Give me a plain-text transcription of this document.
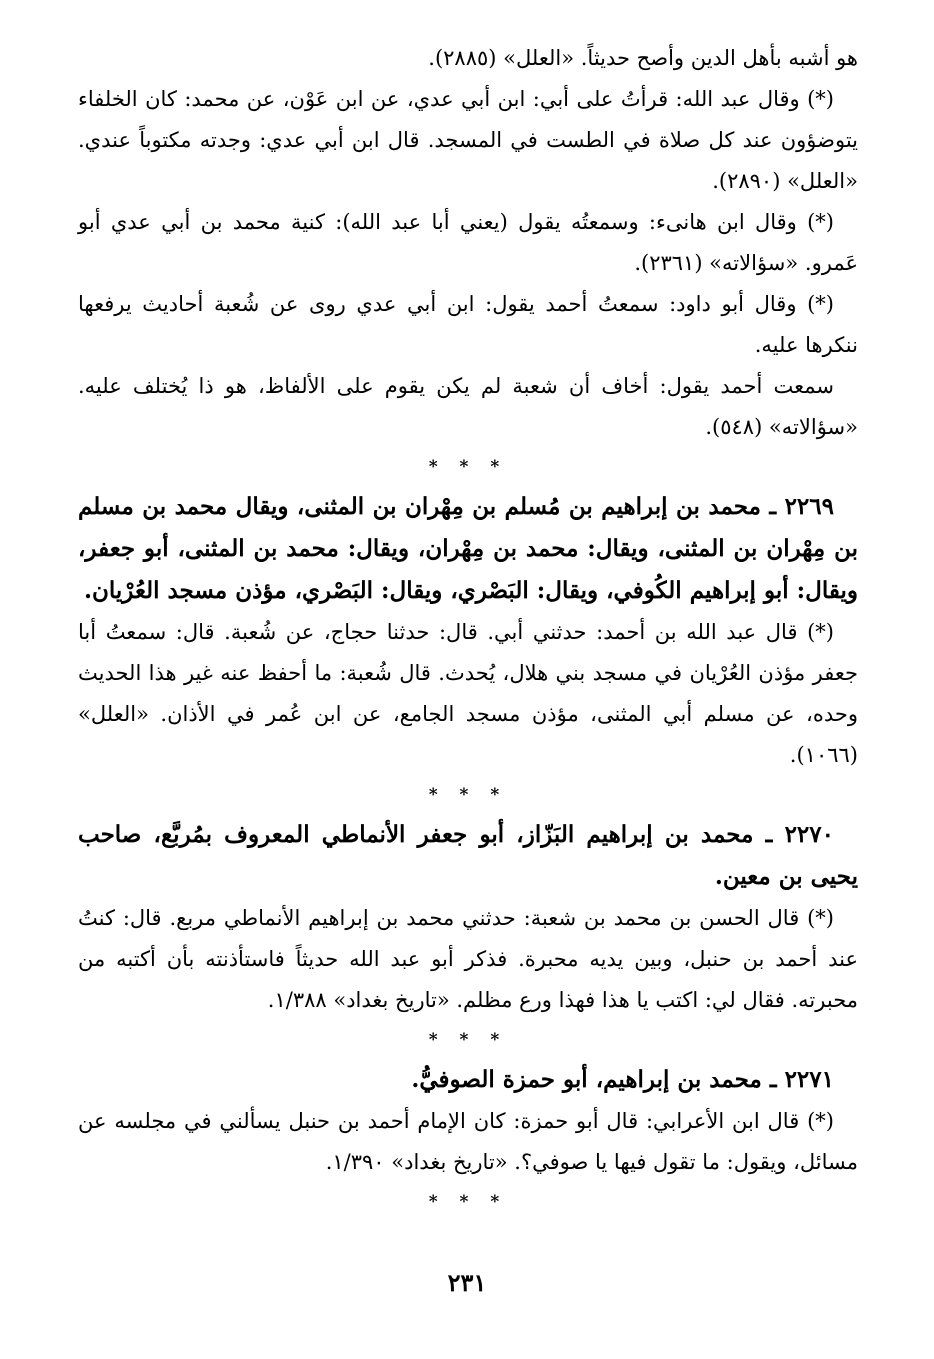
هو أشبه بأهل الدين وأصح حديثاً. «العلل» (٢٨٨٥).

(*) وقال عبد الله: قرأتُ على أبي: ابن أبي عدي، عن ابن عَوْن، عن محمد: كان الخلفاء يتوضؤون عند كل صلاة في الطست في المسجد. قال ابن أبي عدي: وجدته مكتوباً عندي. «العلل» (٢٨٩٠).

(*) وقال ابن هانىء: وسمعتُه يقول (يعني أبا عبد الله): كنية محمد بن أبي عدي أبو عَمرو. «سؤالاته» (٢٣٦١).

(*) وقال أبو داود: سمعتُ أحمد يقول: ابن أبي عدي روى عن شُعبة أحاديث يرفعها ننكرها عليه.

سمعت أحمد يقول: أخاف أن شعبة لم يكن يقوم على الألفاظ، هو ذا يُختلف عليه. «سؤالاته» (٥٤٨).

* * *

٢٢٦٩ ـ محمد بن إبراهيم بن مُسلم بن مِهْران بن المثنى، ويقال محمد بن مسلم بن مِهْران بن المثنى، ويقال: محمد بن مِهْران، ويقال: محمد بن المثنى، أبو جعفر، ويقال: أبو إبراهيم الكُوفي، ويقال: البَصْري، ويقال: البَصْري، مؤذن مسجد العُرْيان.

(*) قال عبد الله بن أحمد: حدثني أبي. قال: حدثنا حجاج، عن شُعبة. قال: سمعتُ أبا جعفر مؤذن العُرْيان في مسجد بني هلال، يُحدث. قال شُعبة: ما أحفظ عنه غير هذا الحديث وحده، عن مسلم أبي المثنى، مؤذن مسجد الجامع، عن ابن عُمر في الأذان. «العلل» (١٠٦٦).

* * *

٢٢٧٠ ـ محمد بن إبراهيم البَزّاز، أبو جعفر الأنماطي المعروف بمُربَّع، صاحب يحيى بن معين.

(*) قال الحسن بن محمد بن شعبة: حدثني محمد بن إبراهيم الأنماطي مربع. قال: كنتُ عند أحمد بن حنبل، وبين يديه محبرة. فذكر أبو عبد الله حديثاً فاستأذنته بأن أكتبه من محبرته. فقال لي: اكتب يا هذا فهذا ورع مظلم. «تاريخ بغداد» ١/٣٨٨.

* * *

٢٢٧١ ـ محمد بن إبراهيم، أبو حمزة الصوفيُّ.

(*) قال ابن الأعرابي: قال أبو حمزة: كان الإمام أحمد بن حنبل يسألني في مجلسه عن مسائل، ويقول: ما تقول فيها يا صوفي؟. «تاريخ بغداد» ١/٣٩٠.

* * *
٢٣١
